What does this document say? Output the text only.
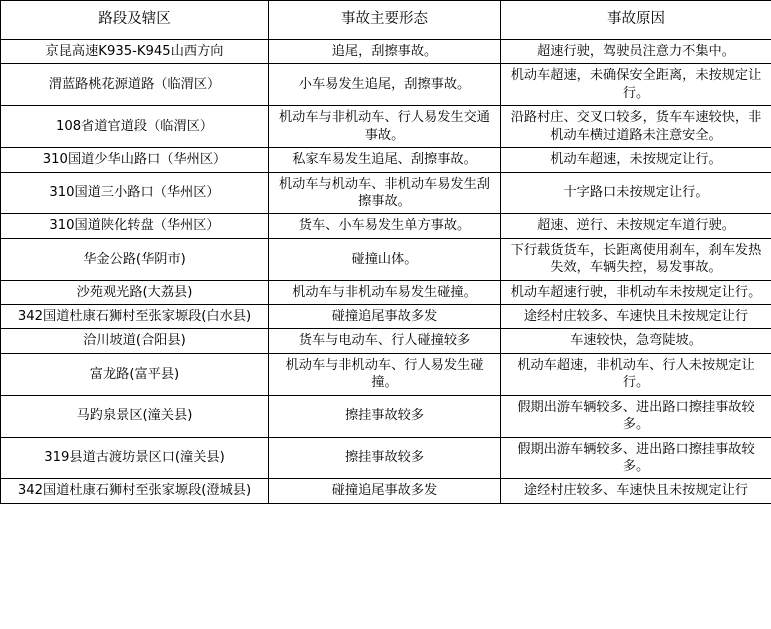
路段及辖区	事故主要形态	事故原因
京昆高速K935-K945山西方向	追尾，刮擦事故。	超速行驶，驾驶员注意力不集中。
渭蓝路桃花源道路（临渭区）	小车易发生追尾，刮擦事故。	机动车超速，未确保安全距离，未按规定让行。
108省道官道段（临渭区）	机动车与非机动车、行人易发生交通事故。	沿路村庄、交叉口较多，货车车速较快，非机动车横过道路未注意安全。
310国道少华山路口（华州区）	私家车易发生追尾、刮擦事故。	机动车超速，未按规定让行。
310国道三小路口（华州区）	机动车与机动车、非机动车易发生刮擦事故。	十字路口未按规定让行。
310国道陕化转盘（华州区）	货车、小车易发生单方事故。	超速、逆行、未按规定车道行驶。
华金公路(华阴市)	碰撞山体。	下行载货货车，长距离使用刹车，刹车发热失效，车辆失控，易发事故。
沙苑观光路(大荔县)	机动车与非机动车易发生碰撞。	机动车超速行驶，非机动车未按规定让行。
342国道杜康石狮村至张家塬段(白水县)	碰撞追尾事故多发	途经村庄较多、车速快且未按规定让行
洽川坡道(合阳县)	货车与电动车、行人碰撞较多	车速较快，急弯陡坡。
富龙路(富平县)	机动车与非机动车、行人易发生碰撞。	机动车超速，非机动车、行人未按规定让行。
马趵泉景区(潼关县)	擦挂事故较多	假期出游车辆较多、进出路口擦挂事故较多。
319县道古渡坊景区口(潼关县)	擦挂事故较多	假期出游车辆较多、进出路口擦挂事故较多。
342国道杜康石狮村至张家塬段(澄城县)	碰撞追尾事故多发	途经村庄较多、车速快且未按规定让行
